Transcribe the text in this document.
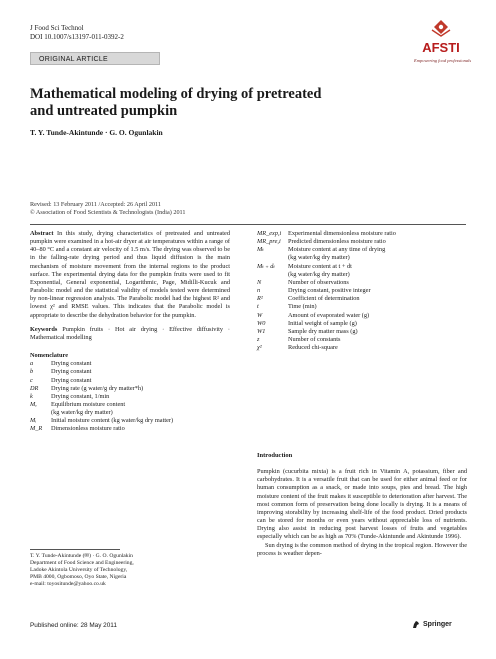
J Food Sci Technol
DOI 10.1007/s13197-011-0392-2
ORIGINAL ARTICLE
AFSTI
Empowering food professionals
Mathematical modeling of drying of pretreated
and untreated pumpkin
T. Y. Tunde-Akintunde · G. O. Ogunlakin
Revised: 13 February 2011 /Accepted: 26 April 2011
© Association of Food Scientists & Technologists (India) 2011
Abstract In this study, drying characteristics of pretreated and untreated pumpkin were examined in a hot-air dryer at air temperatures within a range of 40–80 °C and a constant air velocity of 1.5 m/s. The drying was observed to be in the falling-rate drying period and thus liquid diffusion is the main mechanism of moisture movement from the internal regions to the product surface. The experimental drying data for the pumpkin fruits were used to fit Exponential, General exponential, Logarithmic, Page, Midilli-Kucuk and Parabolic model and the statistical validity of models tested were determined by non-linear regression analysis. The Parabolic model had the highest R² and lowest χ² and RMSE values. This indicates that the Parabolic model is appropriate to describe the dehydration behavior for the pumpkin.
Keywords Pumpkin fruits · Hot air drying · Effective diffusivity · Mathematical modelling
Nomenclature
a	Drying constant
b	Drying constant
c	Drying constant
DR	Drying rate (g water/g dry matter*h)
k	Drying constant, 1/min
Mₑ	Equilibrium moisture content
(kg water/kg dry matter)
Mᵢ	Initial moisture content (kg water/kg dry matter)
M_R	Dimensionless moisture ratio
T. Y. Tunde-Akintunde (✉) · G. O. Ogunlakin
Department of Food Science and Engineering,
Ladoke Akintola University of Technology,
PMB 4000, Ogbomoso, Oyo State, Nigeria
e-mail: toyositunde@yahoo.co.uk
MR_exp,i	Experimental dimensionless moisture ratio
MR_pre,i	Predicted dimensionless moisture ratio
Mₜ	Moisture content at any time of drying
(kg water/kg dry matter)
Mₜ ₊ dₜ	Moisture content at t + dt
(kg water/kg dry matter)
N	Number of observations
n	Drying constant, positive integer
R²	Coefficient of determination
t	Time (min)
W	Amount of evaporated water (g)
W0	Initial weight of sample (g)
W1	Sample dry matter mass (g)
z	Number of constants
χ²	Reduced chi-square
Introduction

Pumpkin (cucurbita mixta) is a fruit rich in Vitamin A, potassium, fiber and carbohydrates. It is a versatile fruit that can be used for either animal feed or for human consumption as a snack, or made into soups, pies and bread. The high moisture content of the fruit makes it susceptible to deterioration after harvest. The most common form of preservation being done locally is drying. It is a means of improving storability by increasing shelf-life of the food product. Dried products can be stored for months or even years without appreciable loss of nutrients. Drying also assist in reducing post harvest losses of fruits and vegetables especially which can be as high as 70% (Tunde-Akintunde and Akintunde 1996).

Sun drying is the common method of drying in the tropical region. However the process is weather depen-

Published online: 28 May 2011	Springer
